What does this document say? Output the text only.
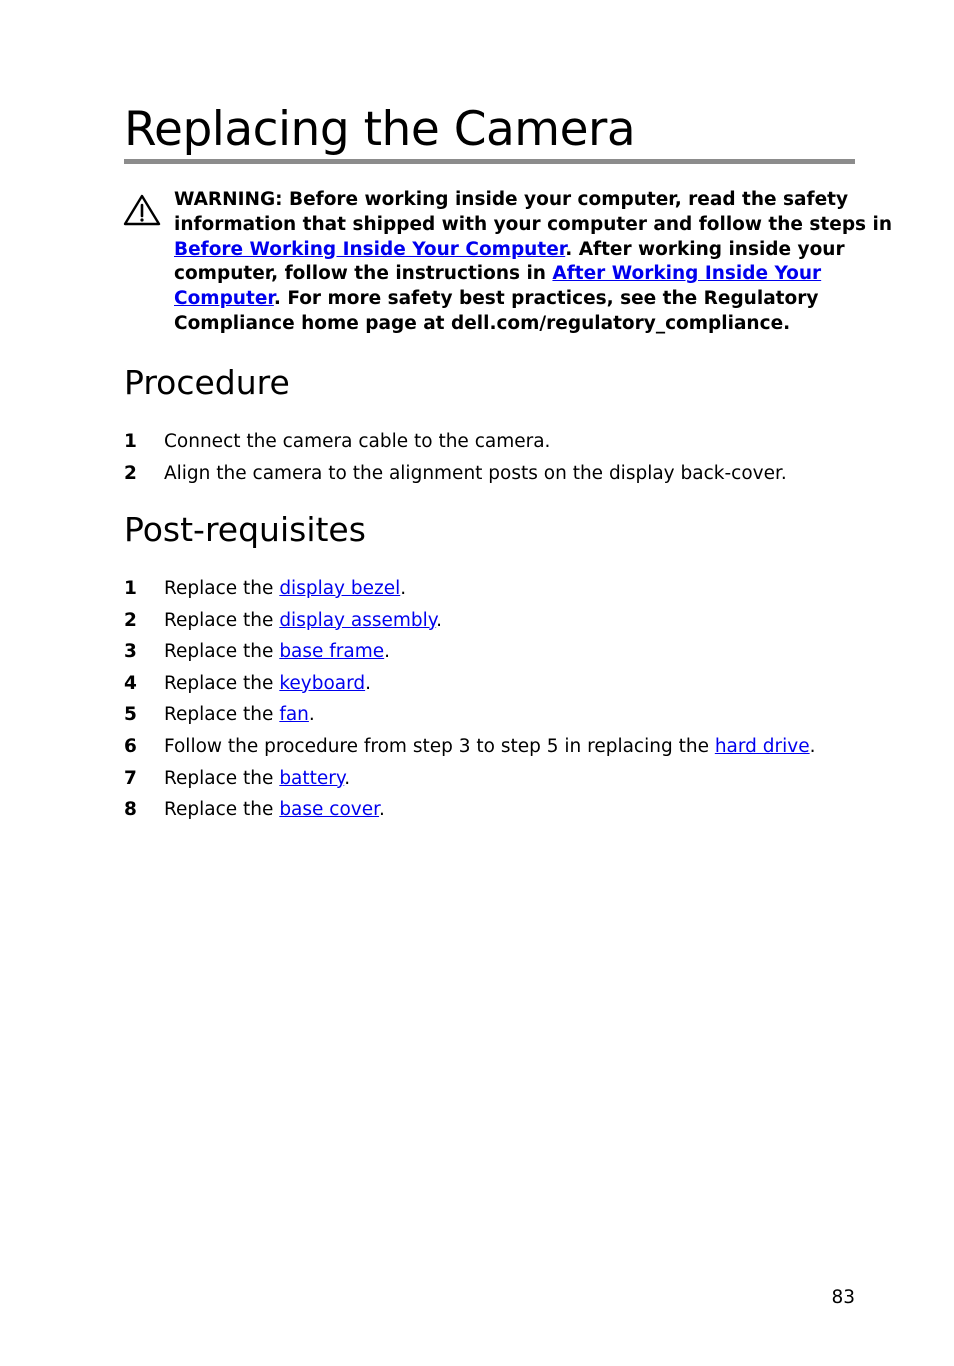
Replacing the Camera

WARNING: Before working inside your computer, read the safety
information that shipped with your computer and follow the steps in
Before Working Inside Your Computer. After working inside your
computer, follow the instructions in After Working Inside Your
Computer. For more safety best practices, see the Regulatory
Compliance home page at dell.com/regulatory_compliance.

Procedure
1 Connect the camera cable to the camera.
2 Align the camera to the alignment posts on the display back-cover.
Post-requisites
1 Replace the display bezel.
2 Replace the display assembly.
3 Replace the base frame.
4 Replace the keyboard.
5 Replace the fan.
6 Follow the procedure from step 3 to step 5 in replacing the hard drive.
7 Replace the battery.
8 Replace the base cover.
83
